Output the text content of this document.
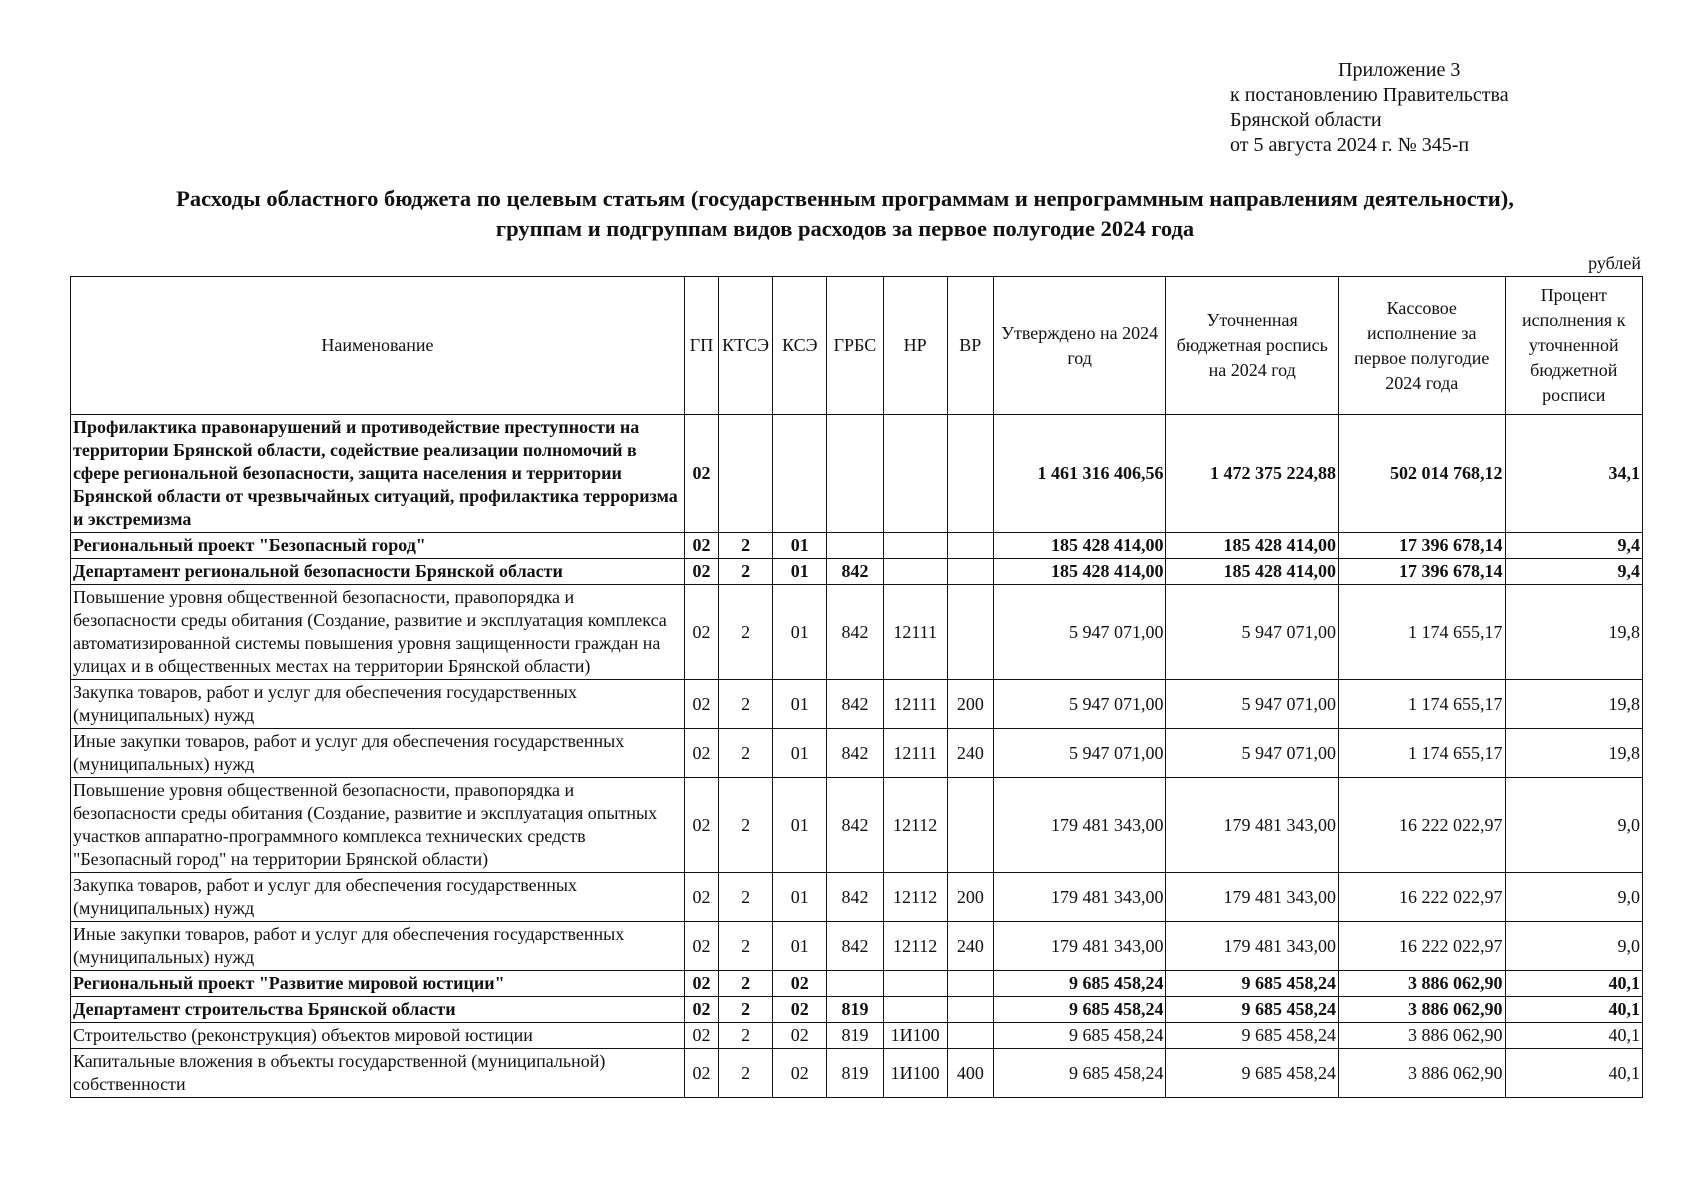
Приложение 3
к постановлению Правительства
Брянской области
от 5 августа 2024 г. № 345-п
Расходы областного бюджета по целевым статьям (государственным программам и непрограммным направлениям деятельности),
группам и подгруппам видов расходов за первое полугодие 2024 года
рублей
Наименование	ГП	КТСЭ	КСЭ	ГРБС	НР	ВР	Утверждено на 2024 год	Уточненная бюджетная роспись на 2024 год	Кассовое исполнение за первое полугодие 2024 года	Процент исполнения к уточненной бюджетной росписи
Профилактика правонарушений и противодействие преступности на территории Брянской области, содействие реализации полномочий в сфере региональной безопасности, защита населения и территории Брянской области от чрезвычайных ситуаций, профилактика терроризма и экстремизма	02						1 461 316 406,56	1 472 375 224,88	502 014 768,12	34,1
Региональный проект "Безопасный город"	02	2	01				185 428 414,00	185 428 414,00	17 396 678,14	9,4
Департамент региональной безопасности Брянской области	02	2	01	842			185 428 414,00	185 428 414,00	17 396 678,14	9,4
Повышение уровня общественной безопасности, правопорядка и безопасности среды обитания (Создание, развитие и эксплуатация комплекса автоматизированной системы повышения уровня защищенности граждан на улицах и в общественных местах на территории Брянской области)	02	2	01	842	12111		5 947 071,00	5 947 071,00	1 174 655,17	19,8
Закупка товаров, работ и услуг для обеспечения государственных (муниципальных) нужд	02	2	01	842	12111	200	5 947 071,00	5 947 071,00	1 174 655,17	19,8
Иные закупки товаров, работ и услуг для обеспечения государственных (муниципальных) нужд	02	2	01	842	12111	240	5 947 071,00	5 947 071,00	1 174 655,17	19,8
Повышение уровня общественной безопасности, правопорядка и безопасности среды обитания (Создание, развитие и эксплуатация опытных участков аппаратно-программного комплекса технических средств "Безопасный город" на территории Брянской области)	02	2	01	842	12112		179 481 343,00	179 481 343,00	16 222 022,97	9,0
Закупка товаров, работ и услуг для обеспечения государственных (муниципальных) нужд	02	2	01	842	12112	200	179 481 343,00	179 481 343,00	16 222 022,97	9,0
Иные закупки товаров, работ и услуг для обеспечения государственных (муниципальных) нужд	02	2	01	842	12112	240	179 481 343,00	179 481 343,00	16 222 022,97	9,0
Региональный проект "Развитие мировой юстиции"	02	2	02				9 685 458,24	9 685 458,24	3 886 062,90	40,1
Департамент строительства Брянской области	02	2	02	819			9 685 458,24	9 685 458,24	3 886 062,90	40,1
Строительство (реконструкция) объектов мировой юстиции	02	2	02	819	1И100		9 685 458,24	9 685 458,24	3 886 062,90	40,1
Капитальные вложения в объекты государственной (муниципальной) собственности	02	2	02	819	1И100	400	9 685 458,24	9 685 458,24	3 886 062,90	40,1
